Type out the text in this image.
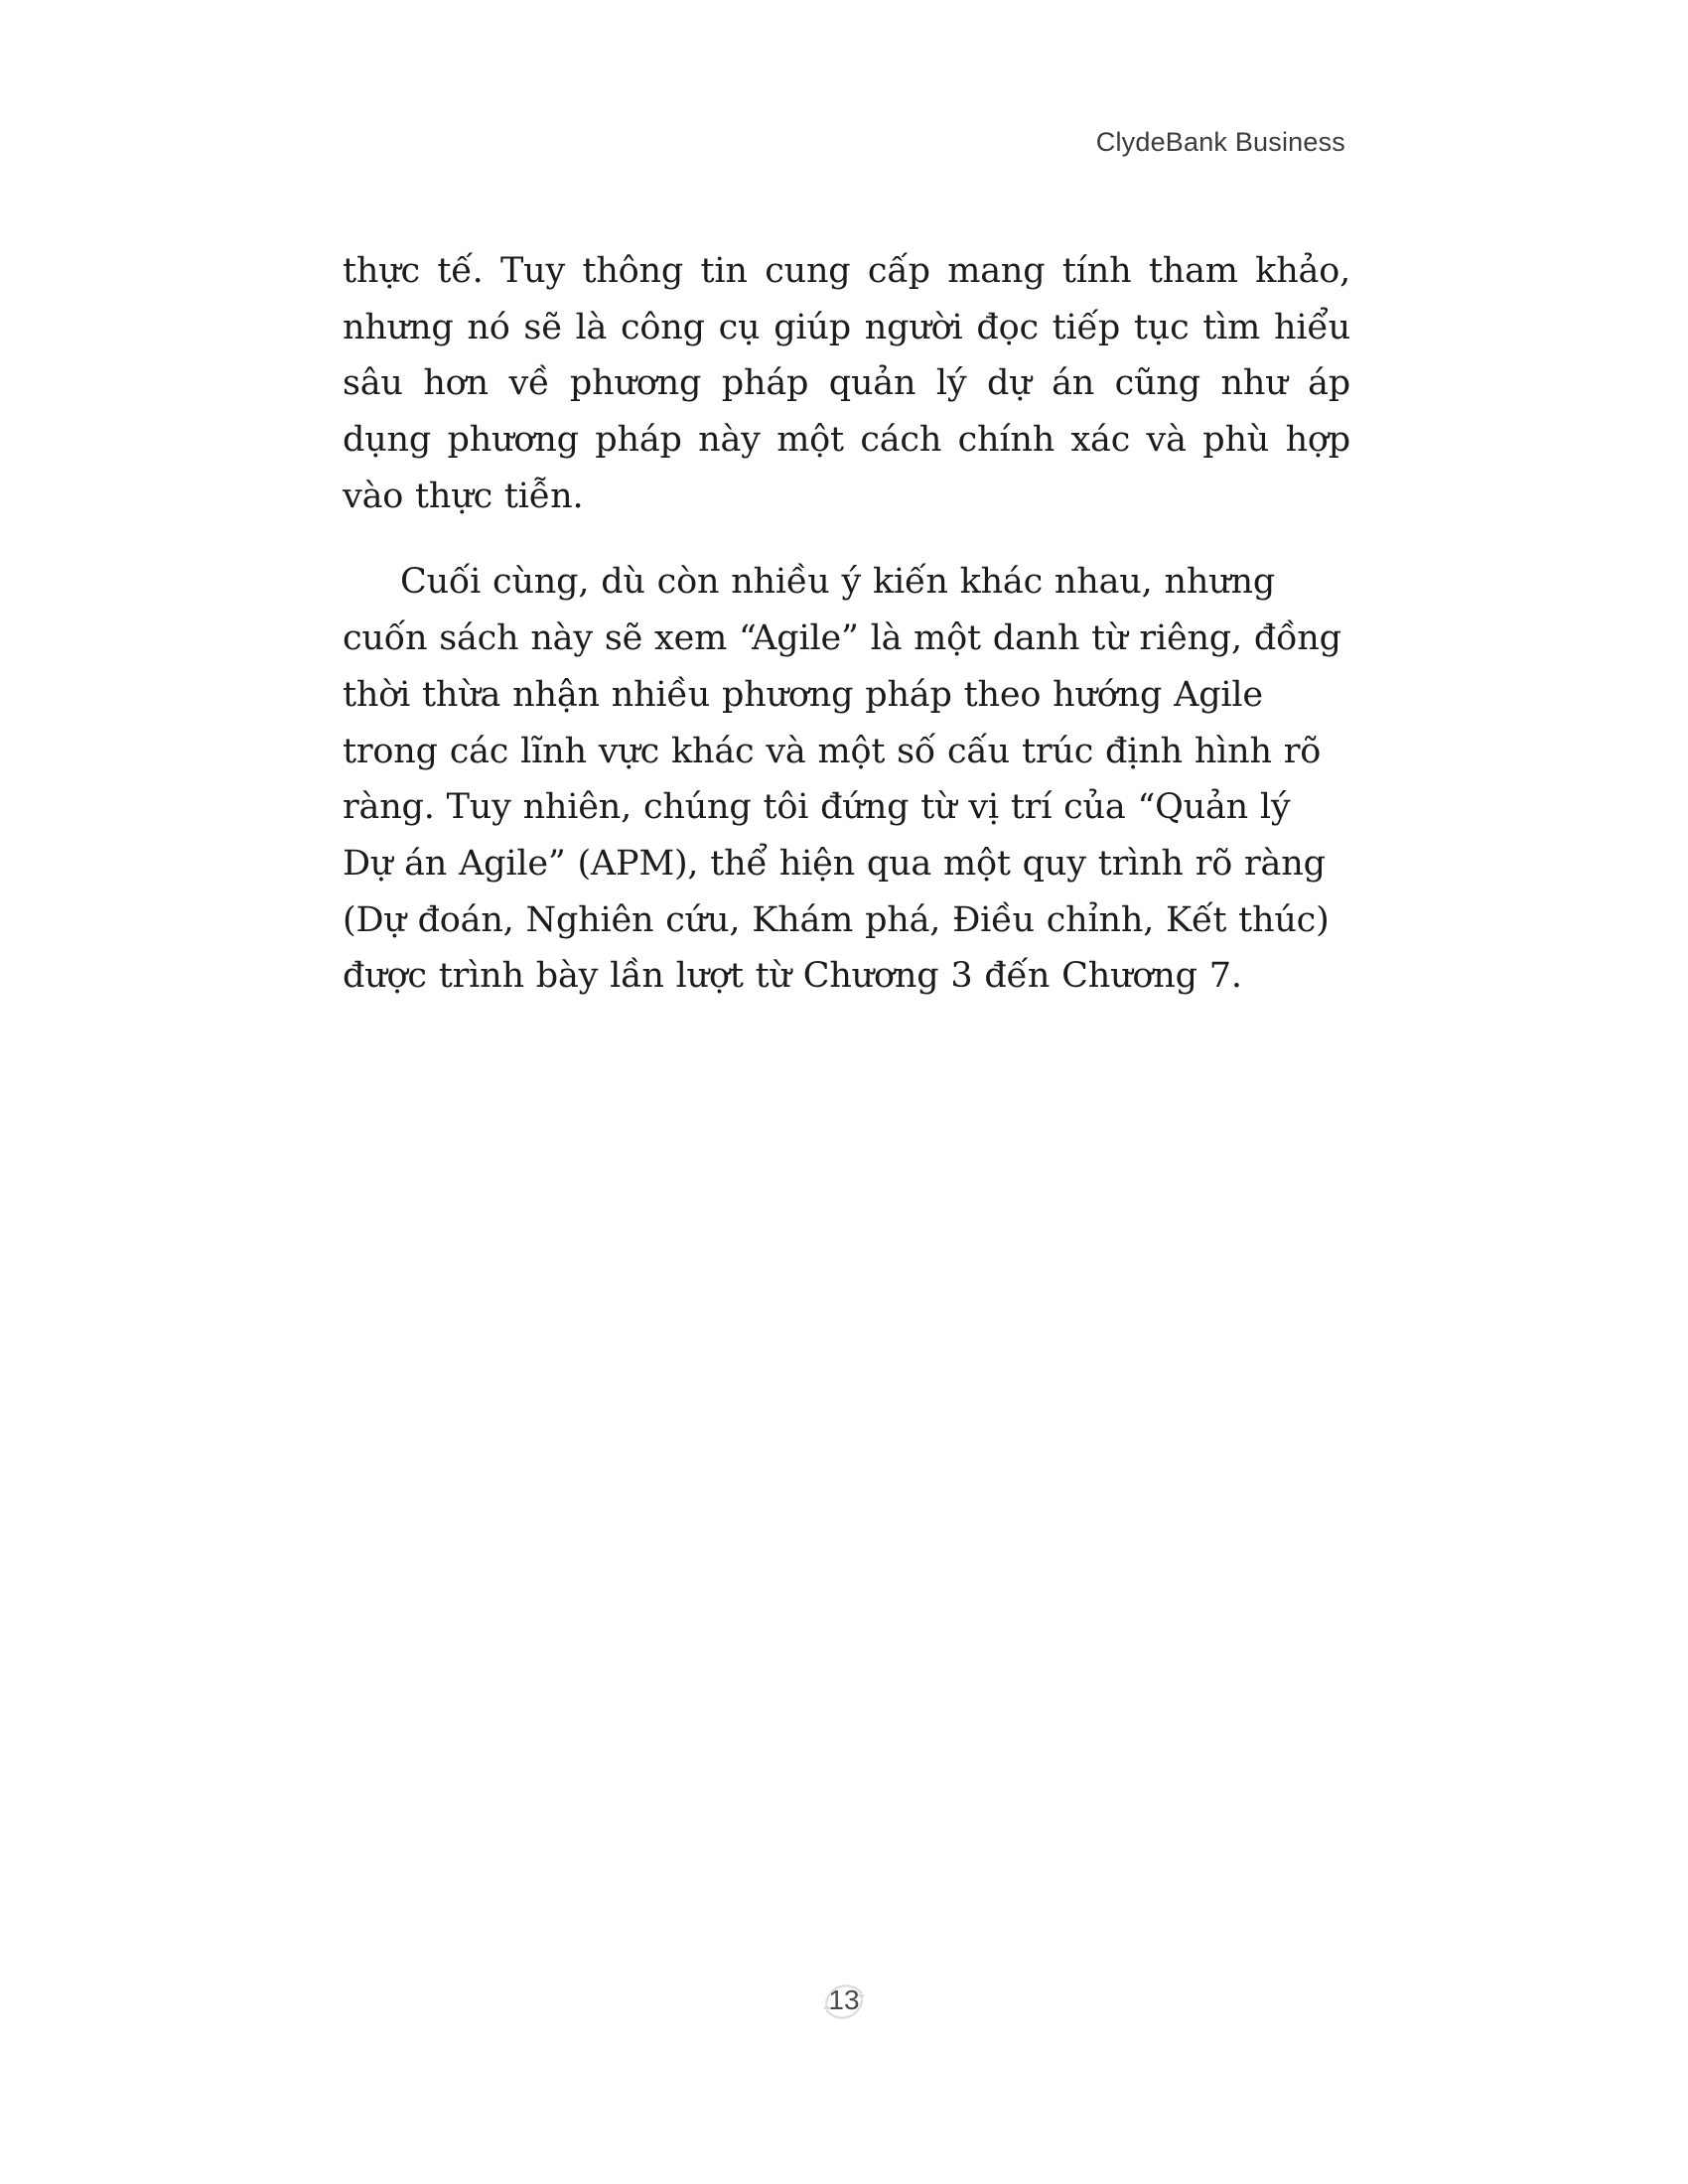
ClydeBank Business

thực tế. Tuy thông tin cung cấp mang tính tham khảo, nhưng nó sẽ là công cụ giúp người đọc tiếp tục tìm hiểu sâu hơn về phương pháp quản lý dự án cũng như áp dụng phương pháp này một cách chính xác và phù hợp vào thực tiễn.

Cuối cùng, dù còn nhiều ý kiến khác nhau, nhưng cuốn sách này sẽ xem “Agile” là một danh từ riêng, đồng thời thừa nhận nhiều phương pháp theo hướng Agile trong các lĩnh vực khác và một số cấu trúc định hình rõ ràng. Tuy nhiên, chúng tôi đứng từ vị trí của “Quản lý Dự án Agile” (APM), thể hiện qua một quy trình rõ ràng (Dự đoán, Nghiên cứu, Khám phá, Điều chỉnh, Kết thúc) được trình bày lần lượt từ Chương 3 đến Chương 7.

13
